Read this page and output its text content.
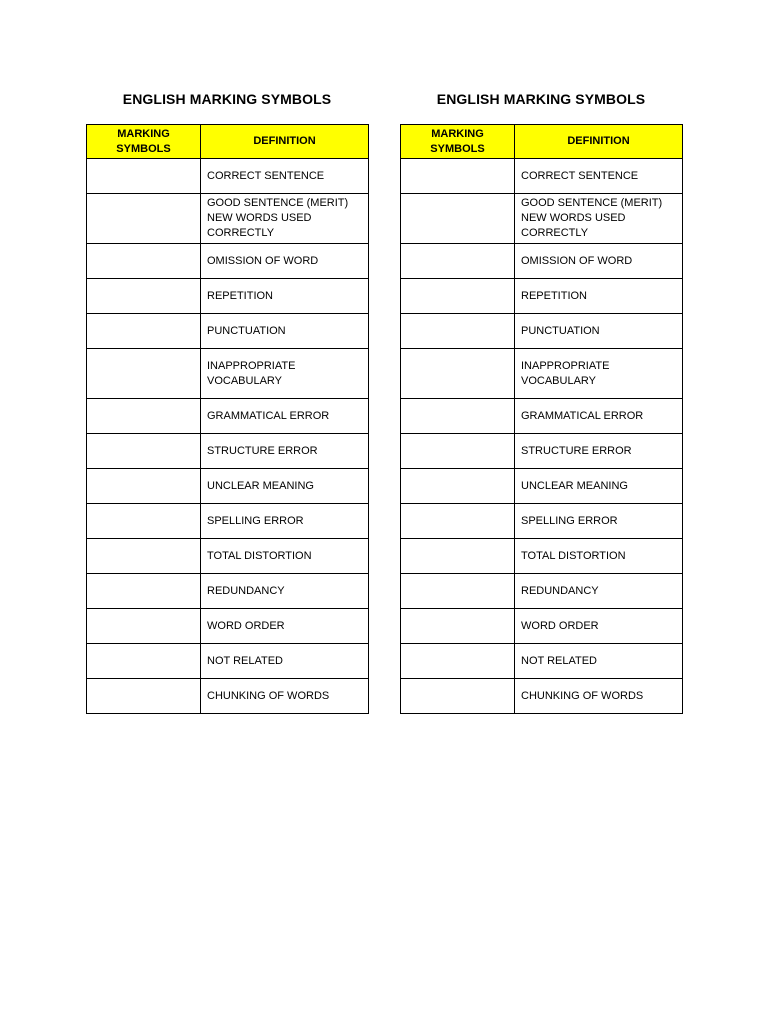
ENGLISH MARKING SYMBOLS
MARKING
SYMBOLS	DEFINITION
	CORRECT SENTENCE
	GOOD SENTENCE (MERIT)
NEW WORDS USED
CORRECTLY
	OMISSION OF WORD
	REPETITION
	PUNCTUATION
	INAPPROPRIATE
VOCABULARY
	GRAMMATICAL ERROR
	STRUCTURE ERROR
	UNCLEAR MEANING
	SPELLING ERROR
	TOTAL DISTORTION
	REDUNDANCY
	WORD ORDER
	NOT RELATED
	CHUNKING OF WORDS
ENGLISH MARKING SYMBOLS
MARKING
SYMBOLS	DEFINITION
	CORRECT SENTENCE
	GOOD SENTENCE (MERIT)
NEW WORDS USED
CORRECTLY
	OMISSION OF WORD
	REPETITION
	PUNCTUATION
	INAPPROPRIATE
VOCABULARY
	GRAMMATICAL ERROR
	STRUCTURE ERROR
	UNCLEAR MEANING
	SPELLING ERROR
	TOTAL DISTORTION
	REDUNDANCY
	WORD ORDER
	NOT RELATED
	CHUNKING OF WORDS
